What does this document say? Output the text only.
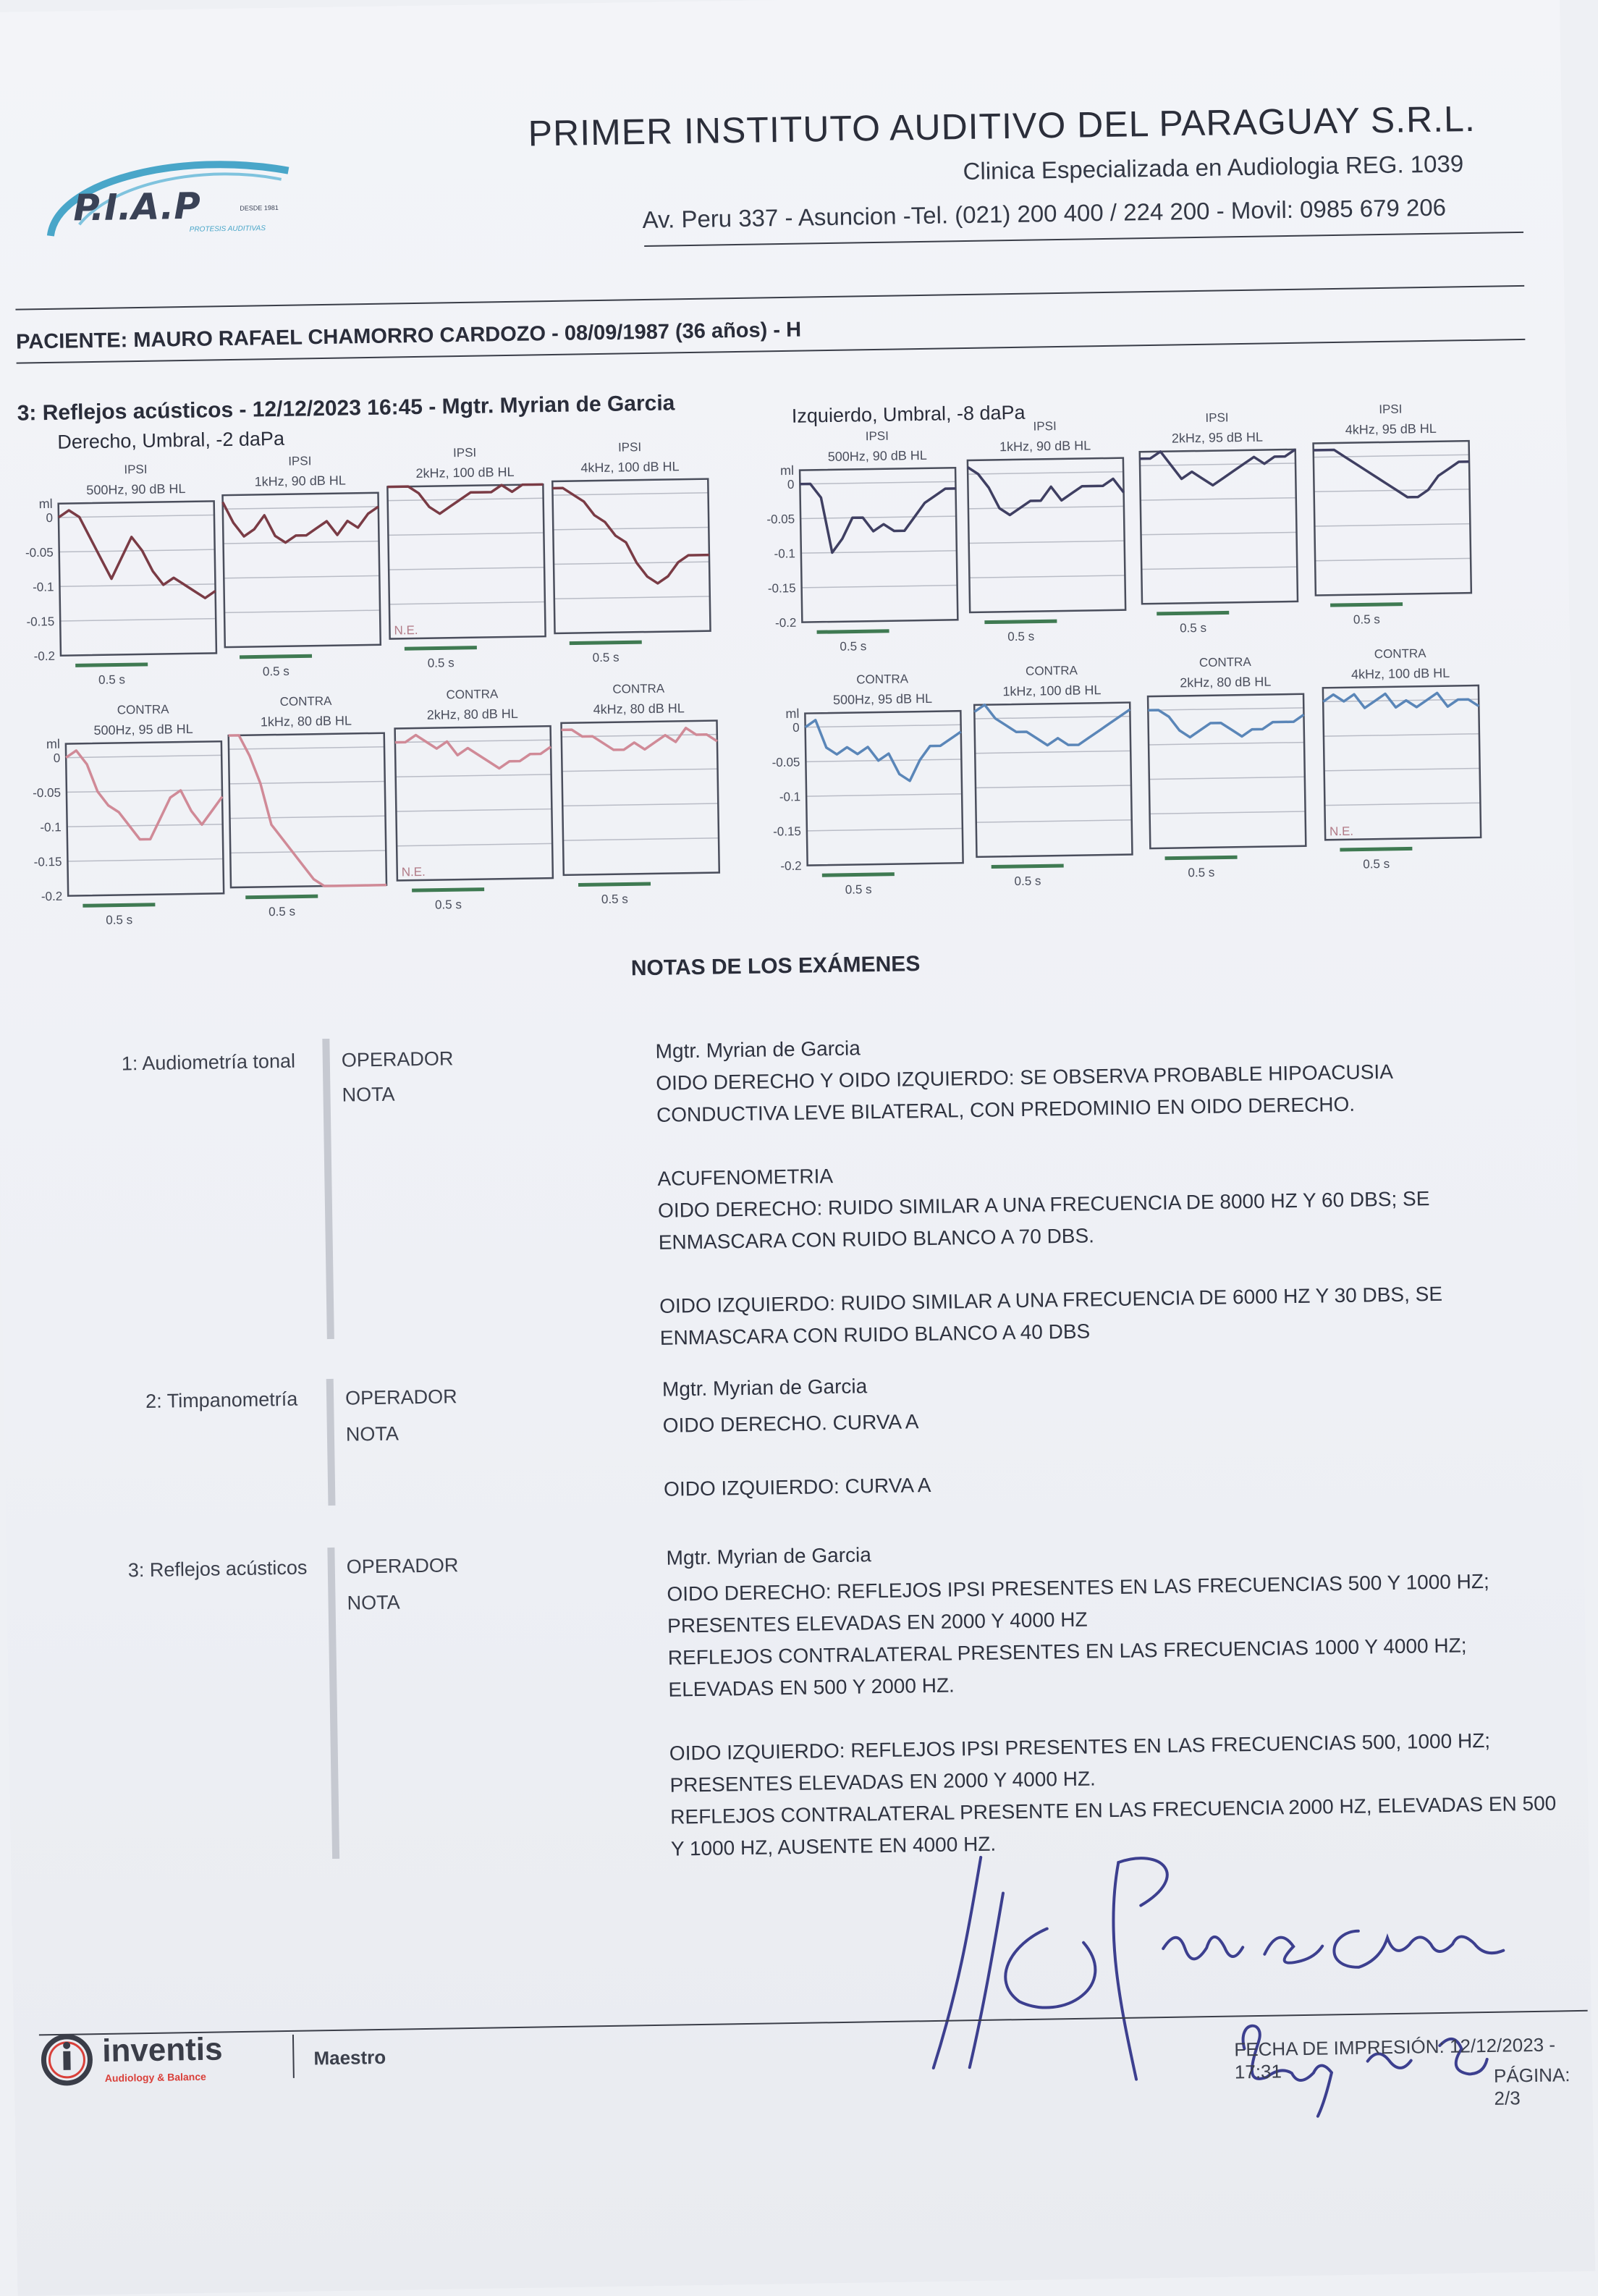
P.I.A.P	DESDE 1981
PROTESIS AUDITIVAS
PRIMER INSTITUTO AUDITIVO DEL PARAGUAY S.R.L.
Clinica Especializada en Audiologia REG. 1039
Av. Peru 337 - Asuncion -Tel. (021) 200 400 / 224 200 - Movil: 0985 679 206
PACIENTE: MAURO RAFAEL CHAMORRO CARDOZO - 08/09/1987 (36 años) - H
3: Reflejos acústicos - 12/12/2023 16:45 - Mgtr. Myrian de Garcia
Derecho, Umbral, -2 daPa
Izquierdo, Umbral, -8 daPa
IPSI
500Hz, 90 dB HL
0
-0.05
-0.1
-0.15
-0.2
ml
0.5 s
IPSI
1kHz, 90 dB HL
0.5 s
IPSI
2kHz, 100 dB HL
N.E.
0.5 s
IPSI
4kHz, 100 dB HL
0.5 s
IPSI
500Hz, 90 dB HL
0
-0.05
-0.1
-0.15
-0.2
ml
0.5 s
IPSI
1kHz, 90 dB HL
0.5 s
IPSI
2kHz, 95 dB HL
0.5 s
IPSI
4kHz, 95 dB HL
0.5 s
CONTRA
500Hz, 95 dB HL
0
-0.05
-0.1
-0.15
-0.2
ml
0.5 s
CONTRA
1kHz, 80 dB HL
0.5 s
CONTRA
2kHz, 80 dB HL
N.E.
0.5 s
CONTRA
4kHz, 80 dB HL
0.5 s
CONTRA
500Hz, 95 dB HL
0
-0.05
-0.1
-0.15
-0.2
ml
0.5 s
CONTRA
1kHz, 100 dB HL
0.5 s
CONTRA
2kHz, 80 dB HL
0.5 s
CONTRA
4kHz, 100 dB HL
N.E.
0.5 s
NOTAS DE LOS EXÁMENES
1: Audiometría tonal OPERADOR
NOTA
Mgtr. Myrian de Garcia
OIDO DERECHO Y OIDO IZQUIERDO: SE OBSERVA PROBABLE HIPOACUSIA
CONDUCTIVA LEVE BILATERAL, CON PREDOMINIO EN OIDO DERECHO.

ACUFENOMETRIA
OIDO DERECHO: RUIDO SIMILAR A UNA FRECUENCIA DE 8000 HZ Y 60 DBS; SE
ENMASCARA CON RUIDO BLANCO A 70 DBS.

OIDO IZQUIERDO: RUIDO SIMILAR A UNA FRECUENCIA DE 6000 HZ Y 30 DBS, SE
ENMASCARA CON RUIDO BLANCO A 40 DBS
2: Timpanometría OPERADOR
NOTA
Mgtr. Myrian de Garcia
OIDO DERECHO. CURVA A

OIDO IZQUIERDO: CURVA A
3: Reflejos acústicos OPERADOR
NOTA
Mgtr. Myrian de Garcia
OIDO DERECHO: REFLEJOS IPSI PRESENTES EN LAS FRECUENCIAS 500 Y 1000 HZ;
PRESENTES ELEVADAS EN 2000 Y 4000 HZ
REFLEJOS CONTRALATERAL PRESENTES EN LAS FRECUENCIAS 1000 Y 4000 HZ;
ELEVADAS EN 500 Y 2000 HZ.

OIDO IZQUIERDO: REFLEJOS IPSI PRESENTES EN LAS FRECUENCIAS 500, 1000 HZ;
PRESENTES ELEVADAS EN 2000 Y 4000 HZ.
REFLEJOS CONTRALATERAL PRESENTE EN LAS FRECUENCIA 2000 HZ, ELEVADAS EN 500
Y 1000 HZ, AUSENTE EN 4000 HZ.
inventis
Audiology & Balance
Maestro	FECHA DE IMPRESIÓN: 12/12/2023 - 17:31	PÁGINA: 2/3
